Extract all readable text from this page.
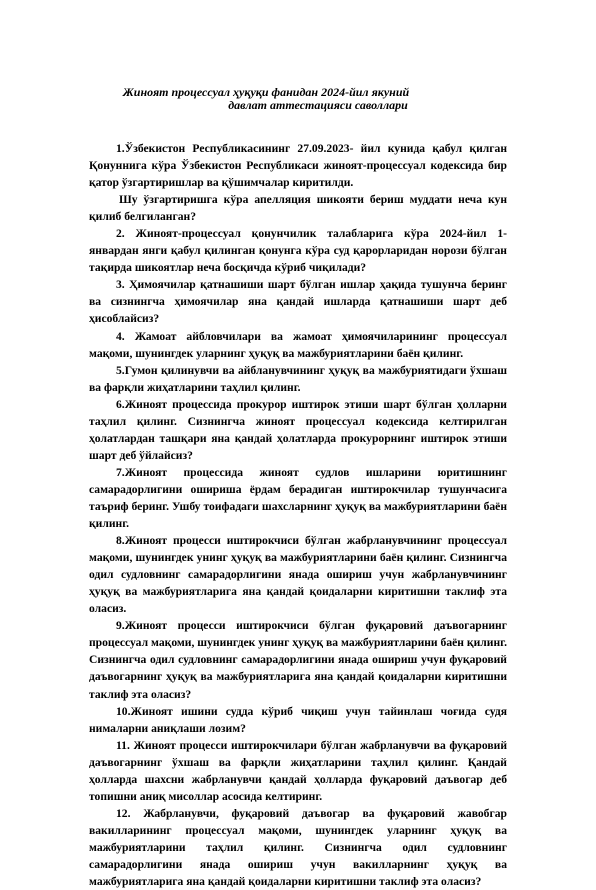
Жиноят процессуал ҳуқуқи фанидан 2024-йил якуний
давлат аттестацияси саволлари

1.Ўзбекистон Республикасининг 27.09.2023- йил кунида қабул қилган Қонуннига кўра Ўзбекистон Республикаси жиноят-процессуал кодексида бир қатор ўзгартиришлар ва қўшимчалар киритилди.

Шу ўзгартиришга кўра апелляция шикояти бериш муддати неча кун қилиб белгиланган?

2. Жиноят-процессуал қонунчилик талабларига кўра 2024-йил 1-январдан янги қабул қилинган қонунга кўра суд қарорларидан норози бўлган тақирда шикоятлар неча босқичда кўриб чиқилади?

3. Ҳимоячилар қатнашиши шарт бўлган ишлар ҳақида тушунча беринг ва сизнингча ҳимоячилар яна қандай ишларда қатнашиши шарт деб ҳисоблайсиз?

4. Жамоат айбловчилари ва жамоат ҳимоячиларининг процессуал мақоми, шунингдек уларнинг ҳуқуқ ва мажбуриятларини баён қилинг.

5.Гумон қилинувчи ва айбланувчининг ҳуқуқ ва мажбуриятидаги ўхшаш ва фарқли жиҳатларини таҳлил қилинг.

6.Жиноят процессида прокурор иштирок этиши шарт бўлган ҳолларни таҳлил қилинг. Сизнингча жиноят процессуал кодексида келтирилган ҳолатлардан ташқари яна қандай ҳолатларда прокурорнинг иштирок этиши шарт деб ўйлайсиз?

7.Жиноят процессида жиноят судлов ишларини юритишнинг самарадорлигини ошириша ёрдам берадиган иштирокчилар тушунчасига таъриф беринг. Ушбу тоифадаги шахсларнинг ҳуқуқ ва мажбуриятларини баён қилинг.

8.Жиноят процесси иштирокчиси бўлган жабрланувчининг процессуал мақоми, шунингдек унинг ҳуқуқ ва мажбуриятларини баён қилинг. Сизнингча одил судловнинг самарадорлигини янада ошириш учун жабрланувчининг ҳуқуқ ва мажбуриятларига яна қандай қоидаларни киритишни таклиф эта оласиз.

9.Жиноят процесси иштирокчиси бўлган фуқаровий даъвогарнинг процессуал мақоми, шунингдек унинг ҳуқуқ ва мажбуриятларини баён қилинг. Сизнингча одил судловнинг самарадорлигини янада ошириш учун фуқаровий даъвогарнинг ҳуқуқ ва мажбуриятларига яна қандай қоидаларни киритишни таклиф эта оласиз?

10.Жиноят ишини судда кўриб чиқиш учун тайинлаш чоғида судя нималарни аниқлаши лозим?

11. Жиноят процесси иштирокчилари бўлган жабрланувчи ва фуқаровий даъвогарнинг ўхшаш ва фарқли жиҳатларини таҳлил қилинг. Қандай ҳолларда шахсни жабрланувчи қандай ҳолларда фуқаровий даъвогар деб топишни аниқ мисоллар асосида келтиринг.

12. Жабрланувчи, фуқаровий даъвогар ва фуқаровий жавобгар вакилларининг процессуал мақоми, шунингдек уларнинг ҳуқуқ ва мажбуриятларини таҳлил қилинг. Сизнингча одил судловнинг самарадорлигини янада ошириш учун вакилларнинг ҳуқуқ ва мажбуриятларига яна қандай қоидаларни киритишни таклиф эта оласиз?
